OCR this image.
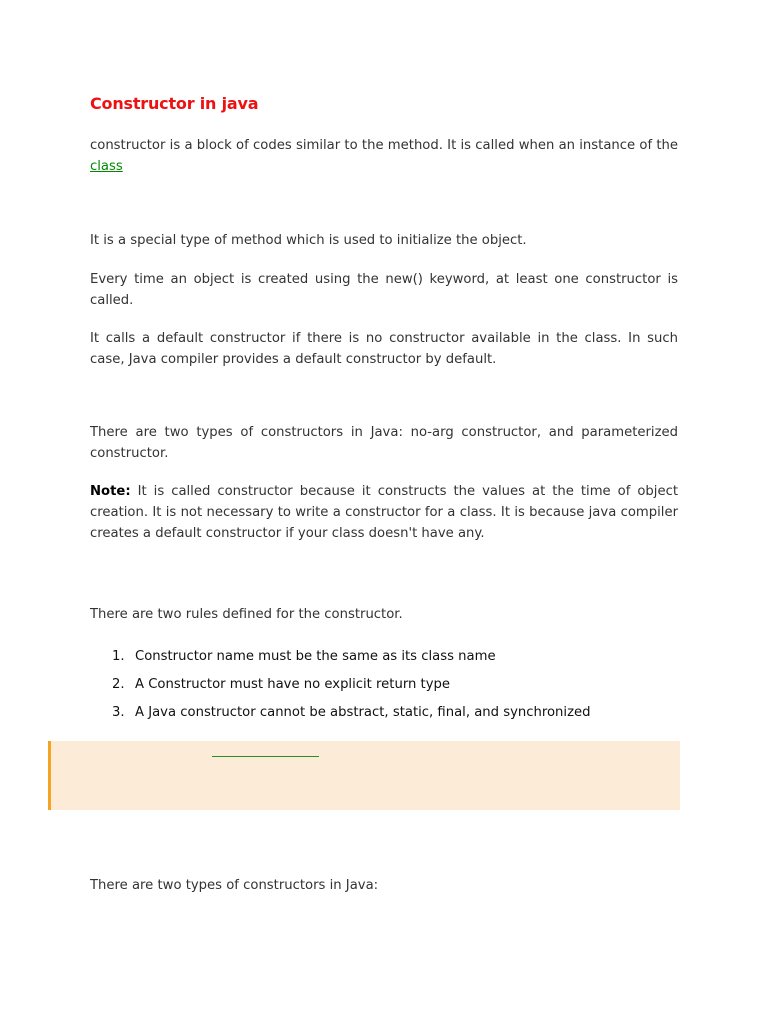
Constructor in java

constructor is a block of codes similar to the method. It is called when an instance of the class

It is a special type of method which is used to initialize the object.

Every time an object is created using the new() keyword, at least one constructor is called.

It calls a default constructor if there is no constructor available in the class. In such case, Java compiler provides a default constructor by default.

There are two types of constructors in Java: no-arg constructor, and parameterized constructor.

Note: It is called constructor because it constructs the values at the time of object creation. It is not necessary to write a constructor for a class. It is because java compiler creates a default constructor if your class doesn't have any.

There are two rules defined for the constructor.

1. Constructor name must be the same as its class name
2. A Constructor must have no explicit return type
3. A Java constructor cannot be abstract, static, final, and synchronized

There are two types of constructors in Java:
